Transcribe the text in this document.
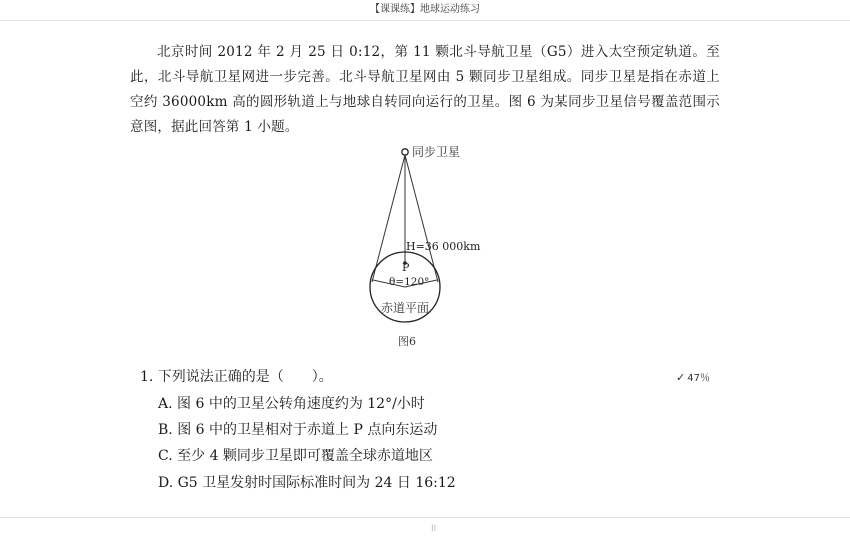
【课课练】地球运动练习
北京时间 2012 年 2 月 25 日 0:12，第 11 颗北斗导航卫星（G5）进入太空预定轨道。至此，北斗导航卫星网进一步完善。北斗导航卫星网由 5 颗同步卫星组成。同步卫星是指在赤道上空约 36000km 高的圆形轨道上与地球自转同向运行的卫星。图 6 为某同步卫星信号覆盖范围示意图，据此回答第 1 小题。
同步卫星
H=36 000km
P
θ=120°
赤道平面
图6
1. 下列说法正确的是（　　）。	✓ 47％
A. 图 6 中的卫星公转角速度约为 12°/小时
B. 图 6 中的卫星相对于赤道上 P 点向东运动
C. 至少 4 颗同步卫星即可覆盖全球赤道地区
D. G5 卫星发射时国际标准时间为 24 日 16:12
II
